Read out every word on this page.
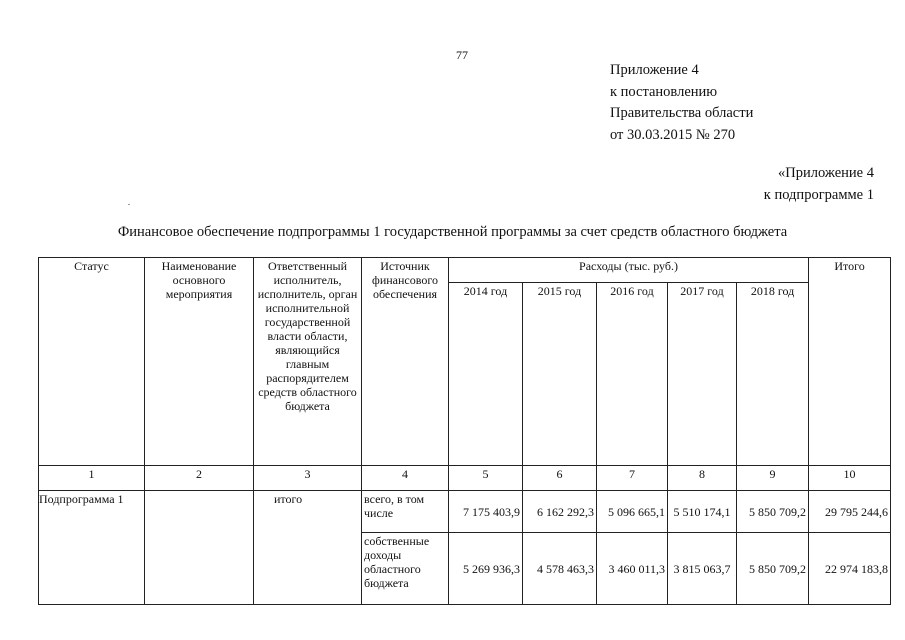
77
Приложение 4
к постановлению
Правительства области
от 30.03.2015 № 270
«Приложение 4
к подпрограмме 1
Финансовое обеспечение подпрограммы 1 государственной программы за счет средств областного бюджета
Статус	Наименование основного мероприятия	Ответственный исполнитель, исполнитель, орган исполнительной государственной власти области, являющийся главным распорядителем средств областного бюджета	Источник финансового обеспечения	Расходы (тыс. руб.)					Итого
				2014 год	2015 год	2016 год	2017 год	2018 год	
1	2	3	4	5	6	7	8	9	10
Подпрограмма 1		итого	всего, в том числе	7 175 403,9	6 162 292,3	5 096 665,1	5 510 174,1	5 850 709,2	29 795 244,6
			собственные доходы областного бюджета	5 269 936,3	4 578 463,3	3 460 011,3	3 815 063,7	5 850 709,2	22 974 183,8
